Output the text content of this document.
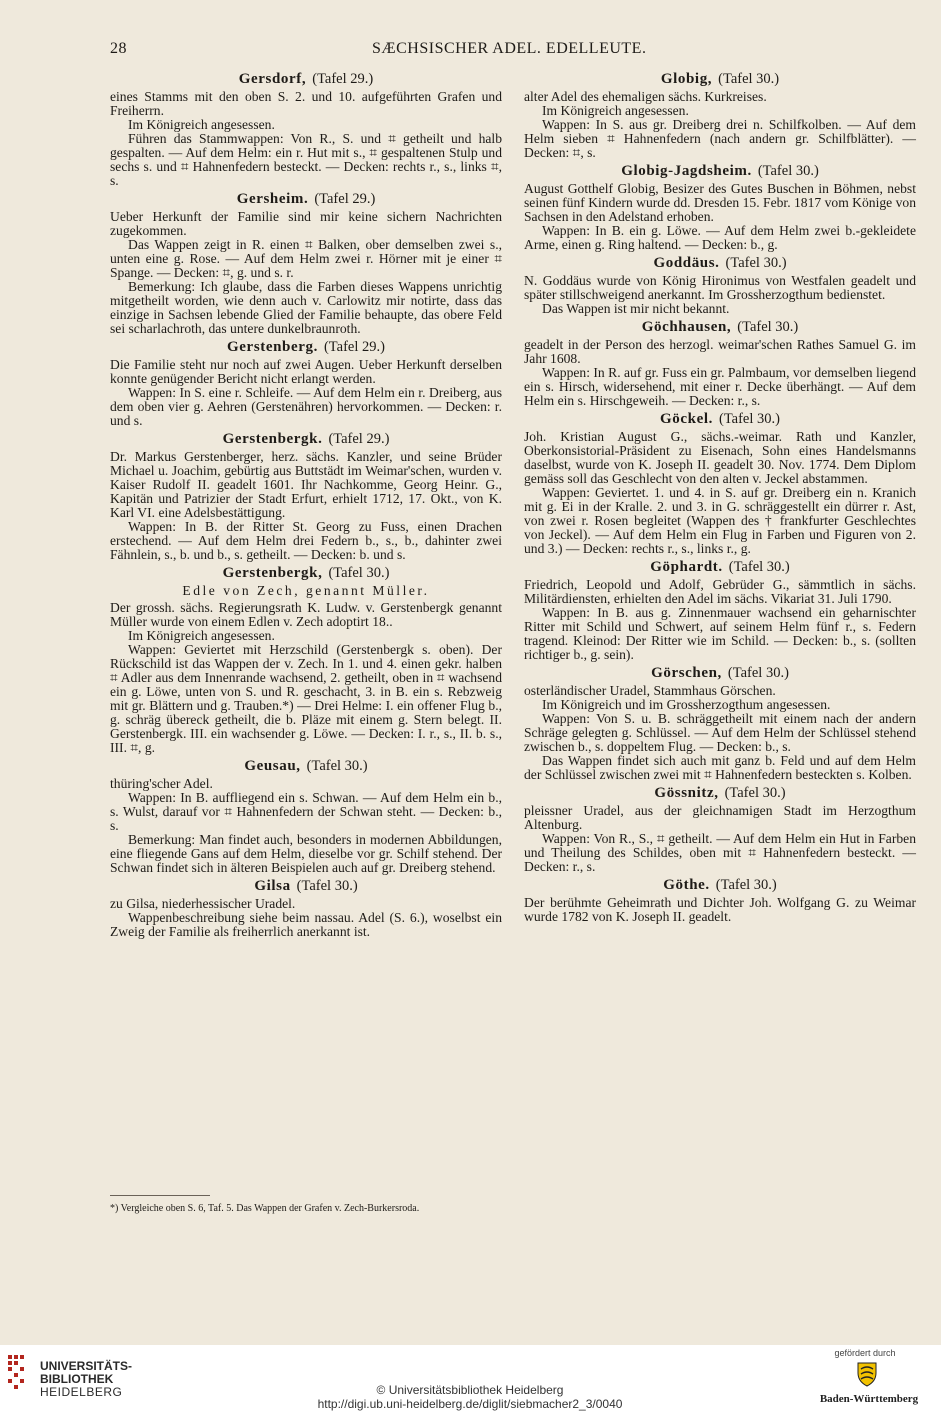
28	SÆCHSISCHER ADEL. EDELLEUTE.
Gersdorf, (Tafel 29.)

eines Stamms mit den oben S. 2. und 10. aufgeführten Grafen und Freiherrn.

Im Königreich angesessen.

Führen das Stammwappen: Von R., S. und ⌗ getheilt und halb gespalten. — Auf dem Helm: ein r. Hut mit s., ⌗ gespaltenen Stulp und sechs s. und ⌗ Hahnenfedern besteckt. — Decken: rechts r., s., links ⌗, s.

Gersheim. (Tafel 29.)

Ueber Herkunft der Familie sind mir keine sichern Nachrichten zugekommen.

Das Wappen zeigt in R. einen ⌗ Balken, ober demselben zwei s., unten eine g. Rose. — Auf dem Helm zwei r. Hörner mit je einer ⌗ Spange. — Decken: ⌗, g. und s. r.

Bemerkung: Ich glaube, dass die Farben dieses Wappens unrichtig mitgetheilt worden, wie denn auch v. Carlowitz mir notirte, dass das einzige in Sachsen lebende Glied der Familie behaupte, das obere Feld sei scharlachroth, das untere dunkelbraunroth.

Gerstenberg. (Tafel 29.)

Die Familie steht nur noch auf zwei Augen. Ueber Herkunft derselben konnte genügender Bericht nicht erlangt werden.

Wappen: In S. eine r. Schleife. — Auf dem Helm ein r. Dreiberg, aus dem oben vier g. Aehren (Gerstenähren) hervorkommen. — Decken: r. und s.

Gerstenbergk. (Tafel 29.)

Dr. Markus Gerstenberger, herz. sächs. Kanzler, und seine Brüder Michael u. Joachim, gebürtig aus Buttstädt im Weimar'schen, wurden v. Kaiser Rudolf II. geadelt 1601. Ihr Nachkomme, Georg Heinr. G., Kapitän und Patrizier der Stadt Erfurt, erhielt 1712, 17. Okt., von K. Karl VI. eine Adelsbestättigung.

Wappen: In B. der Ritter St. Georg zu Fuss, einen Drachen erstechend. — Auf dem Helm drei Federn b., s., b., dahinter zwei Fähnlein, s., b. und b., s. getheilt. — Decken: b. und s.

Gerstenbergk, (Tafel 30.)
Edle von Zech, genannt Müller.

Der grossh. sächs. Regierungsrath K. Ludw. v. Gerstenbergk genannt Müller wurde von einem Edlen v. Zech adoptirt 18..

Im Königreich angesessen.

Wappen: Geviertet mit Herzschild (Gerstenbergk s. oben). Der Rückschild ist das Wappen der v. Zech. In 1. und 4. einen gekr. halben ⌗ Adler aus dem Innenrande wachsend, 2. getheilt, oben in ⌗ wachsend ein g. Löwe, unten von S. und R. geschacht, 3. in B. ein s. Rebzweig mit gr. Blättern und g. Trauben.*) — Drei Helme: I. ein offener Flug b., g. schräg übereck getheilt, die b. Pläze mit einem g. Stern belegt. II. Gerstenbergk. III. ein wachsender g. Löwe. — Decken: I. r., s., II. b. s., III. ⌗, g.

Geusau, (Tafel 30.)

thüring'scher Adel.

Wappen: In B. auffliegend ein s. Schwan. — Auf dem Helm ein b., s. Wulst, darauf vor ⌗ Hahnenfedern der Schwan steht. — Decken: b., s.

Bemerkung: Man findet auch, besonders in modernen Abbildungen, eine fliegende Gans auf dem Helm, dieselbe vor gr. Schilf stehend. Der Schwan findet sich in älteren Beispielen auch auf gr. Dreiberg stehend.

Gilsa (Tafel 30.)

zu Gilsa, niederhessischer Uradel.

Wappenbeschreibung siehe beim nassau. Adel (S. 6.), woselbst ein Zweig der Familie als freiherrlich anerkannt ist.

Globig, (Tafel 30.)

alter Adel des ehemaligen sächs. Kurkreises.

Im Königreich angesessen.

Wappen: In S. aus gr. Dreiberg drei n. Schilfkolben. — Auf dem Helm sieben ⌗ Hahnenfedern (nach andern gr. Schilfblätter). — Decken: ⌗, s.

Globig-Jagdsheim. (Tafel 30.)

August Gotthelf Globig, Besizer des Gutes Buschen in Böhmen, nebst seinen fünf Kindern wurde dd. Dresden 15. Febr. 1817 vom Könige von Sachsen in den Adelstand erhoben.

Wappen: In B. ein g. Löwe. — Auf dem Helm zwei b.-gekleidete Arme, einen g. Ring haltend. — Decken: b., g.

Goddäus. (Tafel 30.)

N. Goddäus wurde von König Hironimus von Westfalen geadelt und später stillschweigend anerkannt. Im Grossherzogthum bedienstet.

Das Wappen ist mir nicht bekannt.

Göchhausen, (Tafel 30.)

geadelt in der Person des herzogl. weimar'schen Rathes Samuel G. im Jahr 1608.

Wappen: In R. auf gr. Fuss ein gr. Palmbaum, vor demselben liegend ein s. Hirsch, widersehend, mit einer r. Decke überhängt. — Auf dem Helm ein s. Hirschgeweih. — Decken: r., s.

Göckel. (Tafel 30.)

Joh. Kristian August G., sächs.-weimar. Rath und Kanzler, Oberkonsistorial-Präsident zu Eisenach, Sohn eines Handelsmanns daselbst, wurde von K. Joseph II. geadelt 30. Nov. 1774. Dem Diplom gemäss soll das Geschlecht von den alten v. Jeckel abstammen.

Wappen: Geviertet. 1. und 4. in S. auf gr. Dreiberg ein n. Kranich mit g. Ei in der Kralle. 2. und 3. in G. schräggestellt ein dürrer r. Ast, von zwei r. Rosen begleitet (Wappen des † frankfurter Geschlechtes von Jeckel). — Auf dem Helm ein Flug in Farben und Figuren von 2. und 3.) — Decken: rechts r., s., links r., g.

Göphardt. (Tafel 30.)

Friedrich, Leopold und Adolf, Gebrüder G., sämmtlich in sächs. Militärdiensten, erhielten den Adel im sächs. Vikariat 31. Juli 1790.

Wappen: In B. aus g. Zinnenmauer wachsend ein geharnischter Ritter mit Schild und Schwert, auf seinem Helm fünf r., s. Federn tragend. Kleinod: Der Ritter wie im Schild. — Decken: b., s. (sollten richtiger b., g. sein).

Görschen, (Tafel 30.)

osterländischer Uradel, Stammhaus Görschen.

Im Königreich und im Grossherzogthum angesessen.

Wappen: Von S. u. B. schräggetheilt mit einem nach der andern Schräge gelegten g. Schlüssel. — Auf dem Helm der Schlüssel stehend zwischen b., s. doppeltem Flug. — Decken: b., s.

Das Wappen findet sich auch mit ganz b. Feld und auf dem Helm der Schlüssel zwischen zwei mit ⌗ Hahnenfedern besteckten s. Kolben.

Gössnitz, (Tafel 30.)

pleissner Uradel, aus der gleichnamigen Stadt im Herzogthum Altenburg.

Wappen: Von R., S., ⌗ getheilt. — Auf dem Helm ein Hut in Farben und Theilung des Schildes, oben mit ⌗ Hahnenfedern besteckt. — Decken: r., s.

Göthe. (Tafel 30.)

Der berühmte Geheimrath und Dichter Joh. Wolfgang G. zu Weimar wurde 1782 von K. Joseph II. geadelt.

*) Vergleiche oben S. 6, Taf. 5. Das Wappen der Grafen v. Zech-Burkersroda.
UNIVERSITÄTS-
BIBLIOTHEK
HEIDELBERG	© Universitätsbibliothek Heidelberg
http://digi.ub.uni-heidelberg.de/diglit/siebmacher2_3/0040
gefördert durch
Baden-Württemberg
